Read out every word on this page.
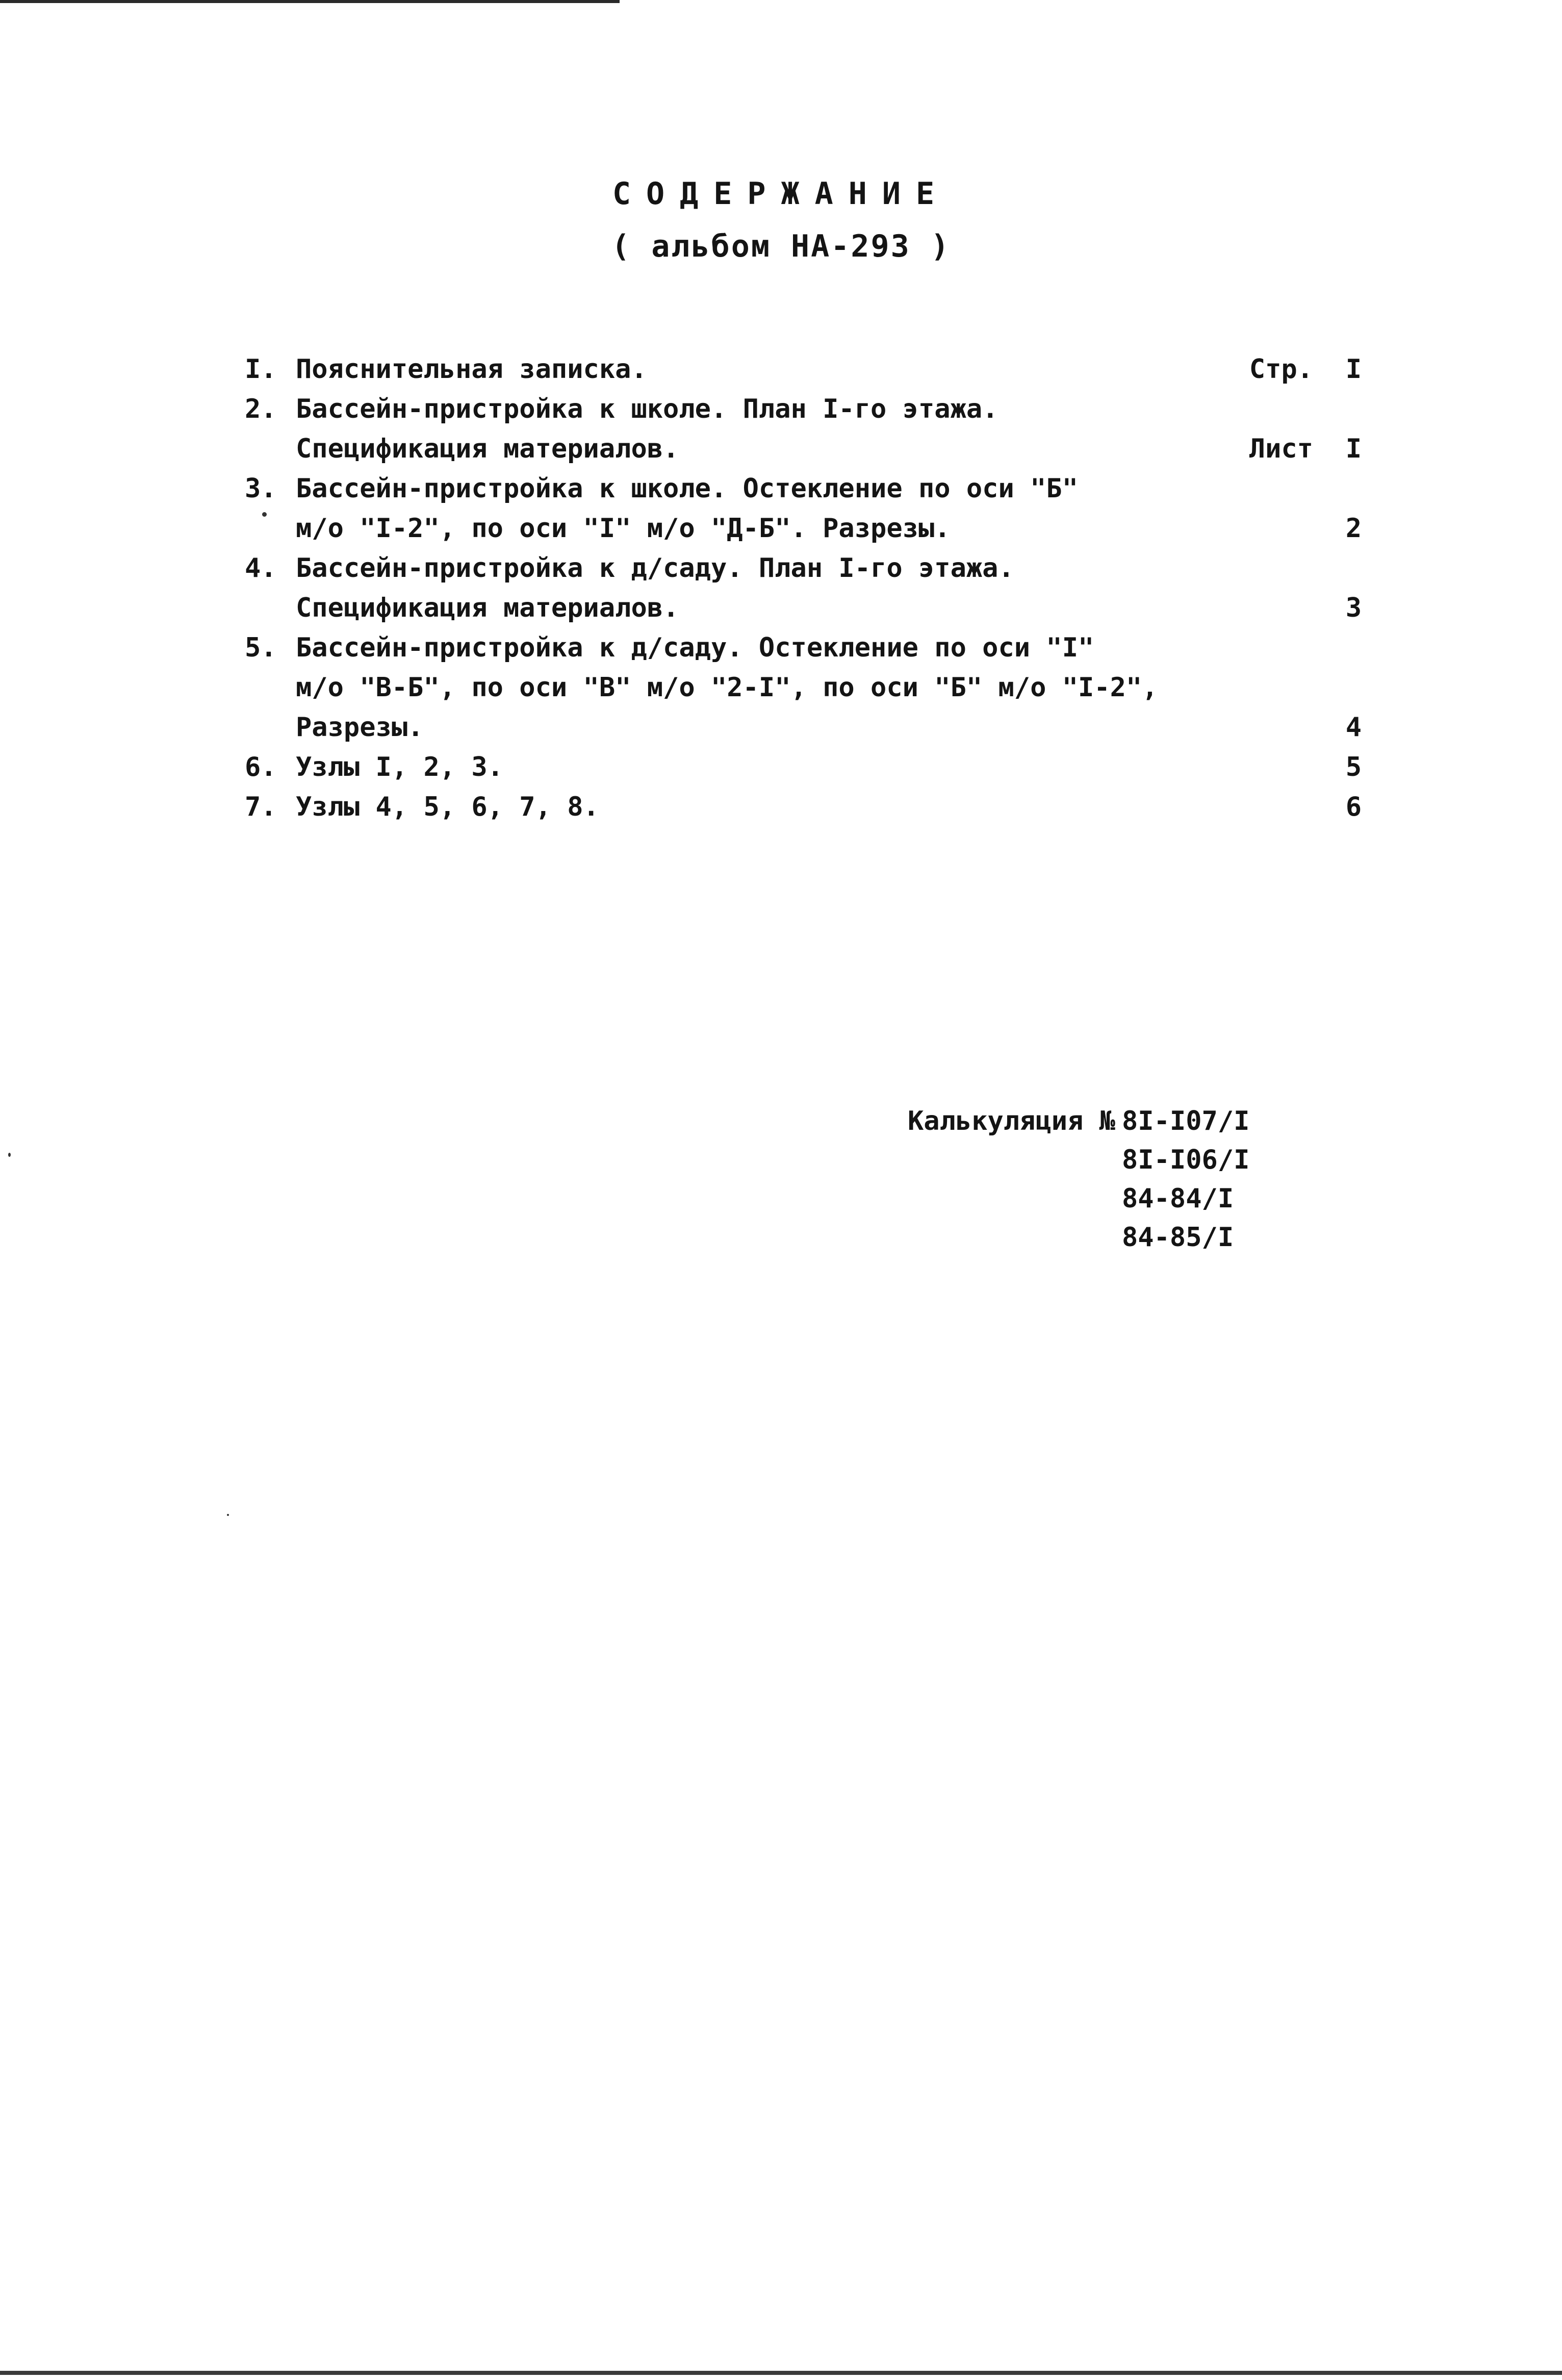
СОДЕРЖАНИЕ
( альбом НА-293 )
I. Пояснительная записка.	Стр. I
2. Бассейн-пристройка к школе. План I-го этажа.
Спецификация материалов.	Лист I
3. Бассейн-пристройка к школе. Остекление по оси "Б"
м/о "I-2", по оси "I" м/о "Д-Б". Разрезы.	2
4. Бассейн-пристройка к д/саду. План I-го этажа.
Спецификация материалов.	3
5. Бассейн-пристройка к д/саду. Остекление по оси "I"
м/о "В-Б", по оси "В" м/о "2-I", по оси "Б" м/о "I-2",
Разрезы.	4
6. Узлы I, 2, 3.	5
7. Узлы 4, 5, 6, 7, 8.	6
Калькуляция № 8I-I07/I
8I-I06/I
84-84/I
84-85/I
